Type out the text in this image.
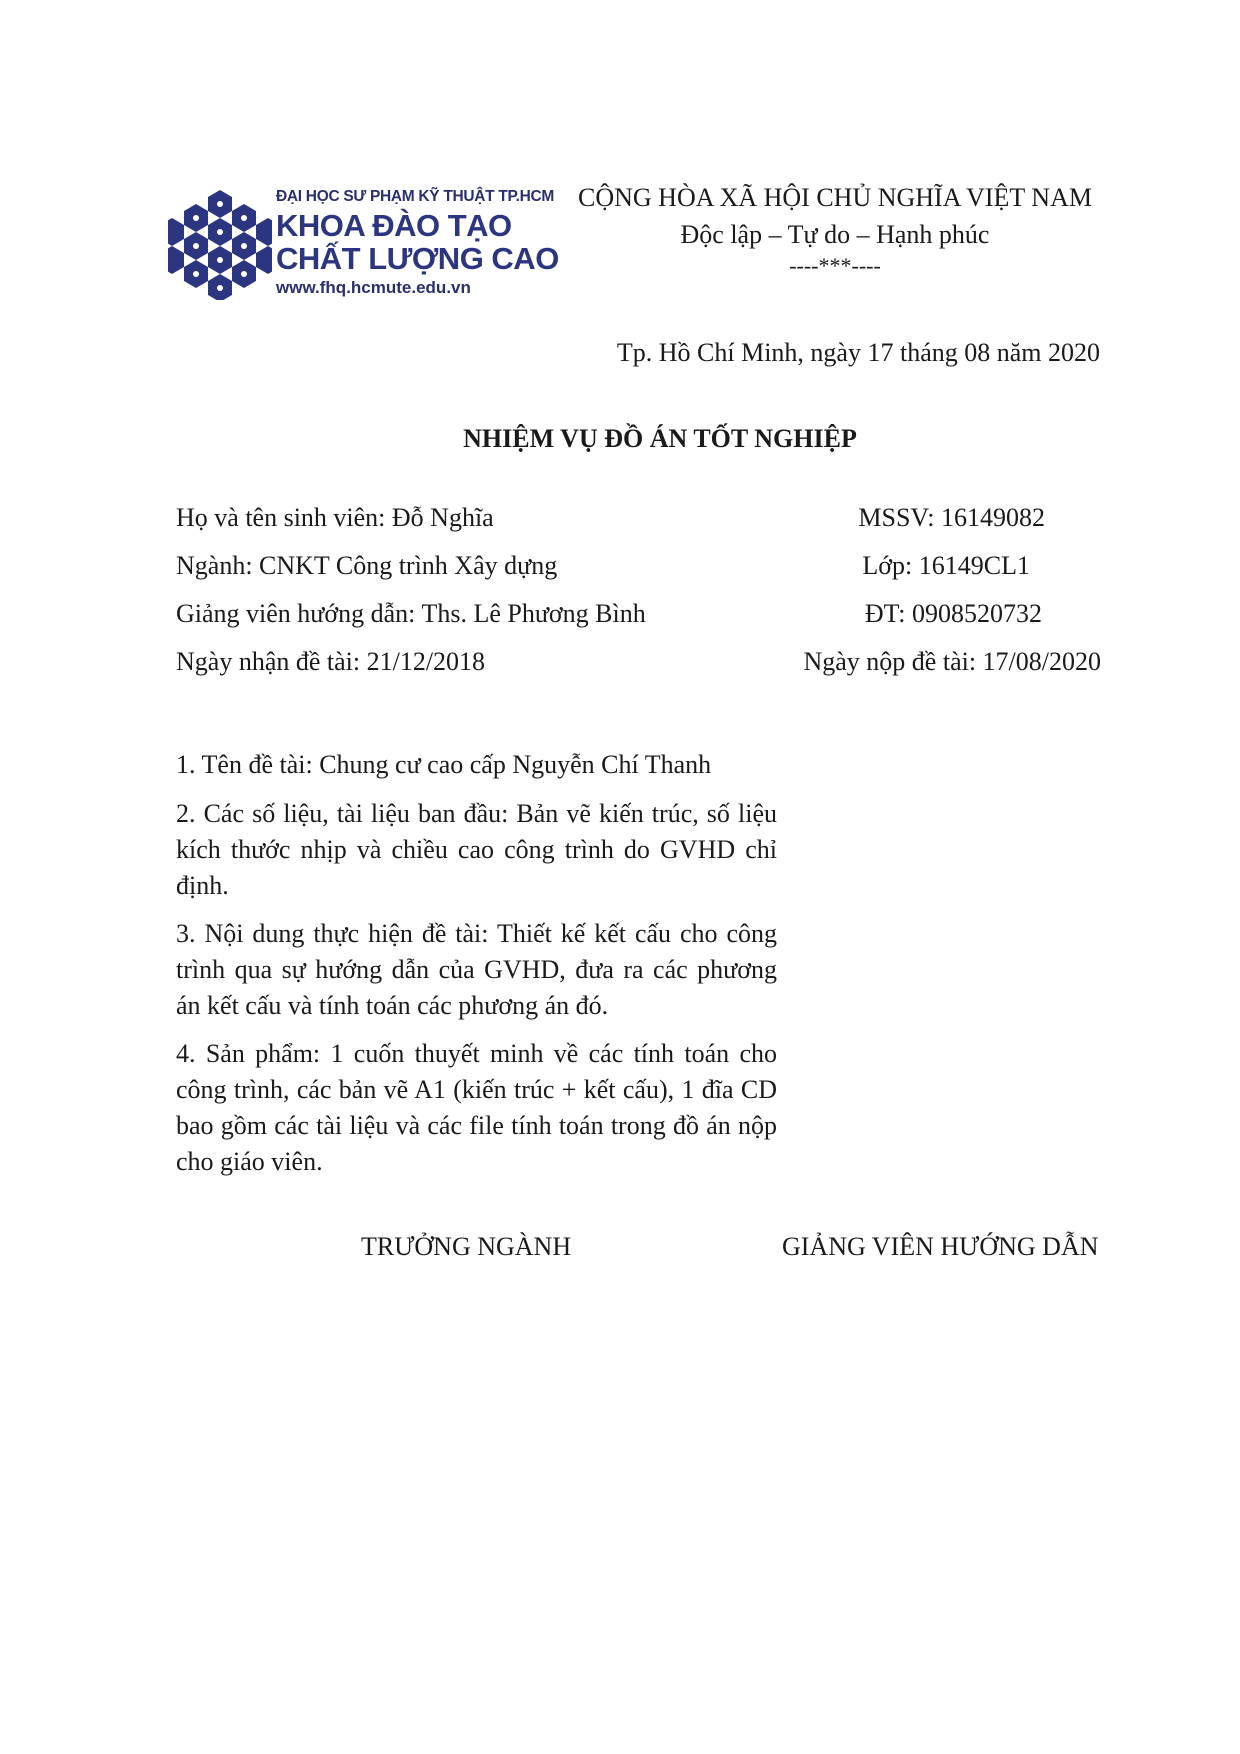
ĐẠI HỌC SƯ PHẠM KỸ THUẬT TP.HCM
KHOA ĐÀO TẠO
CHẤT LƯỢNG CAO
www.fhq.hcmute.edu.vn
CỘNG HÒA XÃ HỘI CHỦ NGHĨA VIỆT NAM
Độc lập – Tự do – Hạnh phúc
----***----
Tp. Hồ Chí Minh, ngày 17 tháng 08 năm 2020
NHIỆM VỤ ĐỒ ÁN TỐT NGHIỆP
Họ và tên sinh viên: Đỗ Nghĩa	MSSV: 16149082
Ngành: CNKT Công trình Xây dựng	Lớp: 16149CL1
Giảng viên hướng dẫn: Ths. Lê Phương Bình	ĐT: 0908520732
Ngày nhận đề tài: 21/12/2018	Ngày nộp đề tài: 17/08/2020
1. Tên đề tài: Chung cư cao cấp Nguyễn Chí Thanh
2. Các số liệu, tài liệu ban đầu: Bản vẽ kiến trúc, số liệu kích thước nhịp và chiều cao công trình do GVHD chỉ định.
3. Nội dung thực hiện đề tài: Thiết kế kết cấu cho công trình qua sự hướng dẫn của GVHD, đưa ra các phương án kết cấu và tính toán các phương án đó.
4. Sản phẩm: 1 cuốn thuyết minh về các tính toán cho công trình, các bản vẽ A1 (kiến trúc + kết cấu), 1 đĩa CD bao gồm các tài liệu và các file tính toán trong đồ án nộp cho giáo viên.
TRƯỞNG NGÀNH	GIẢNG VIÊN HƯỚNG DẪN
